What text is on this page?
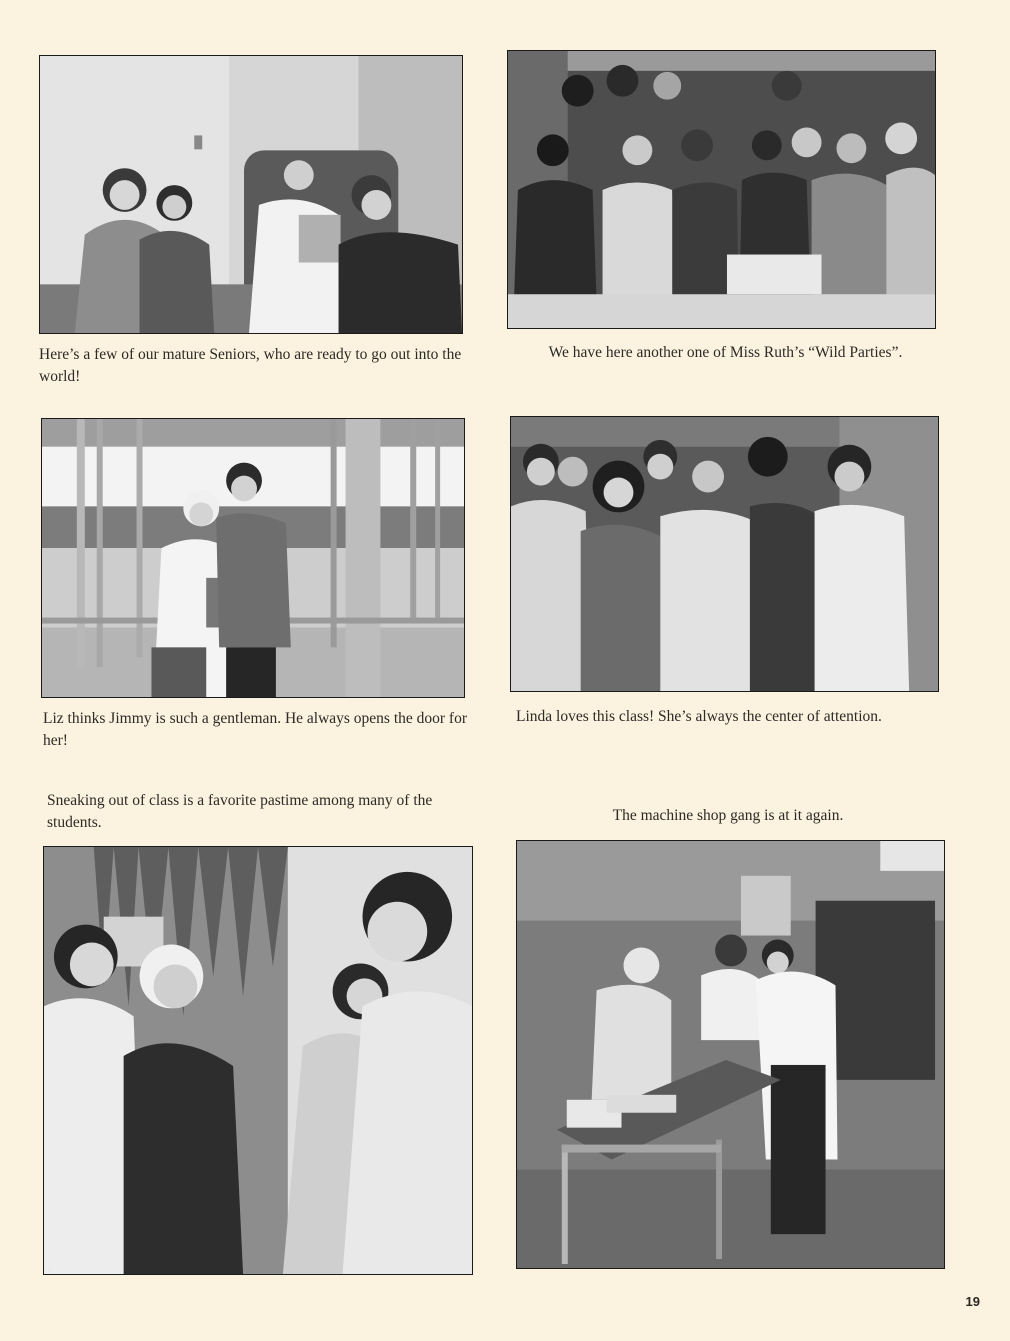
Here’s a few of our mature Seniors, who are ready to go out into the world!

We have here another one of Miss Ruth’s “Wild Parties”.

Liz thinks Jimmy is such a gentleman. He always opens the door for her!

Linda loves this class! She’s always the center of attention.

Sneaking out of class is a favorite pastime among many of the students.	The machine shop gang is at it again.

▪
19
